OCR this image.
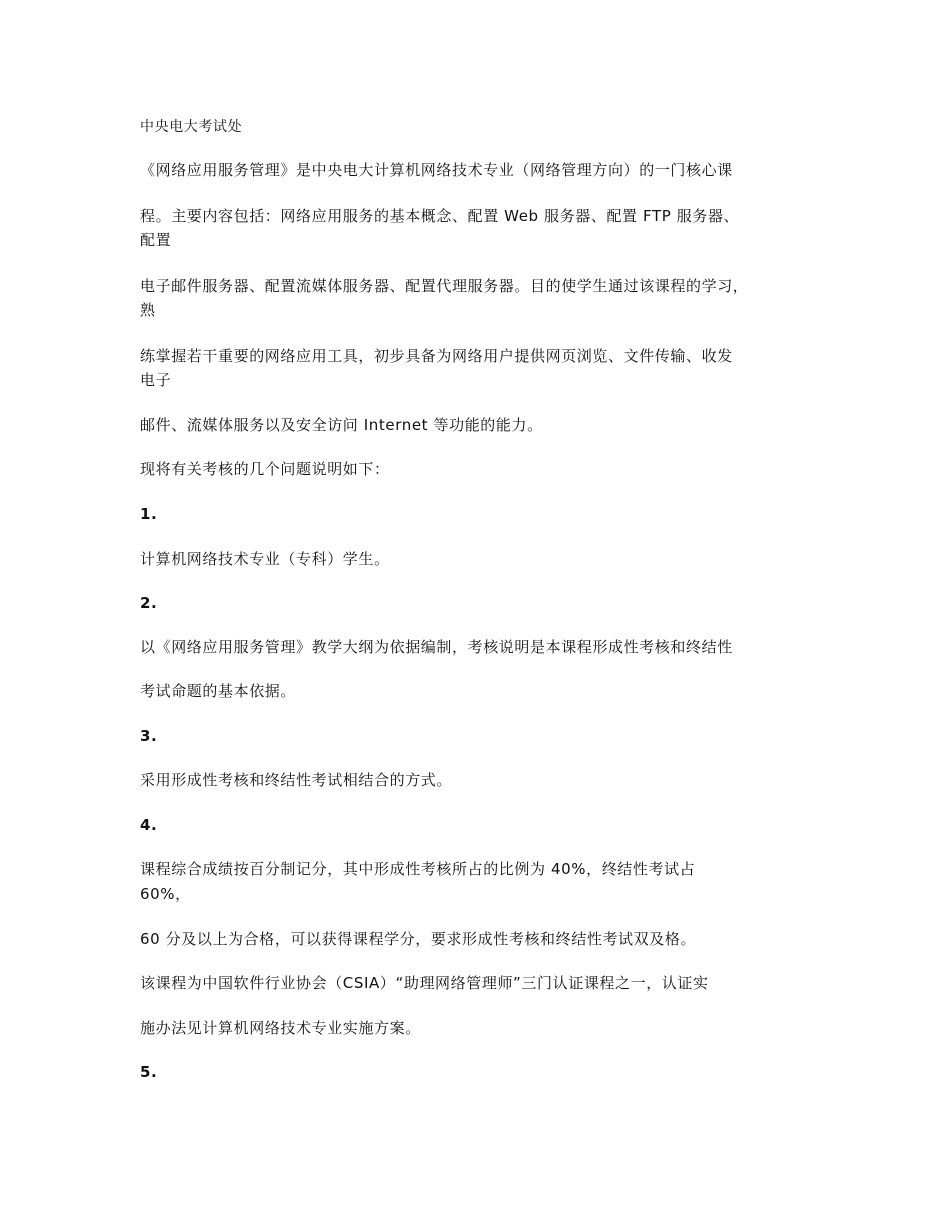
中央电大考试处
《网络应用服务管理》是中央电大计算机网络技术专业（网络管理方向）的一门核心课
程。主要内容包括：网络应用服务的基本概念、配置 Web 服务器、配置 FTP 服务器、
配置
电子邮件服务器、配置流媒体服务器、配置代理服务器。目的使学生通过该课程的学习，
熟
练掌握若干重要的网络应用工具，初步具备为网络用户提供网页浏览、文件传输、收发
电子
邮件、流媒体服务以及安全访问 Internet 等功能的能力。
现将有关考核的几个问题说明如下：
1.
计算机网络技术专业（专科）学生。
2.
以《网络应用服务管理》教学大纲为依据编制，考核说明是本课程形成性考核和终结性
考试命题的基本依据。
3.
采用形成性考核和终结性考试相结合的方式。
4.
课程综合成绩按百分制记分，其中形成性考核所占的比例为 40%，终结性考试占
60%，
60 分及以上为合格，可以获得课程学分，要求形成性考核和终结性考试双及格。
该课程为中国软件行业协会（CSIA）“助理网络管理师”三门认证课程之一，认证实
施办法见计算机网络技术专业实施方案。
5.
